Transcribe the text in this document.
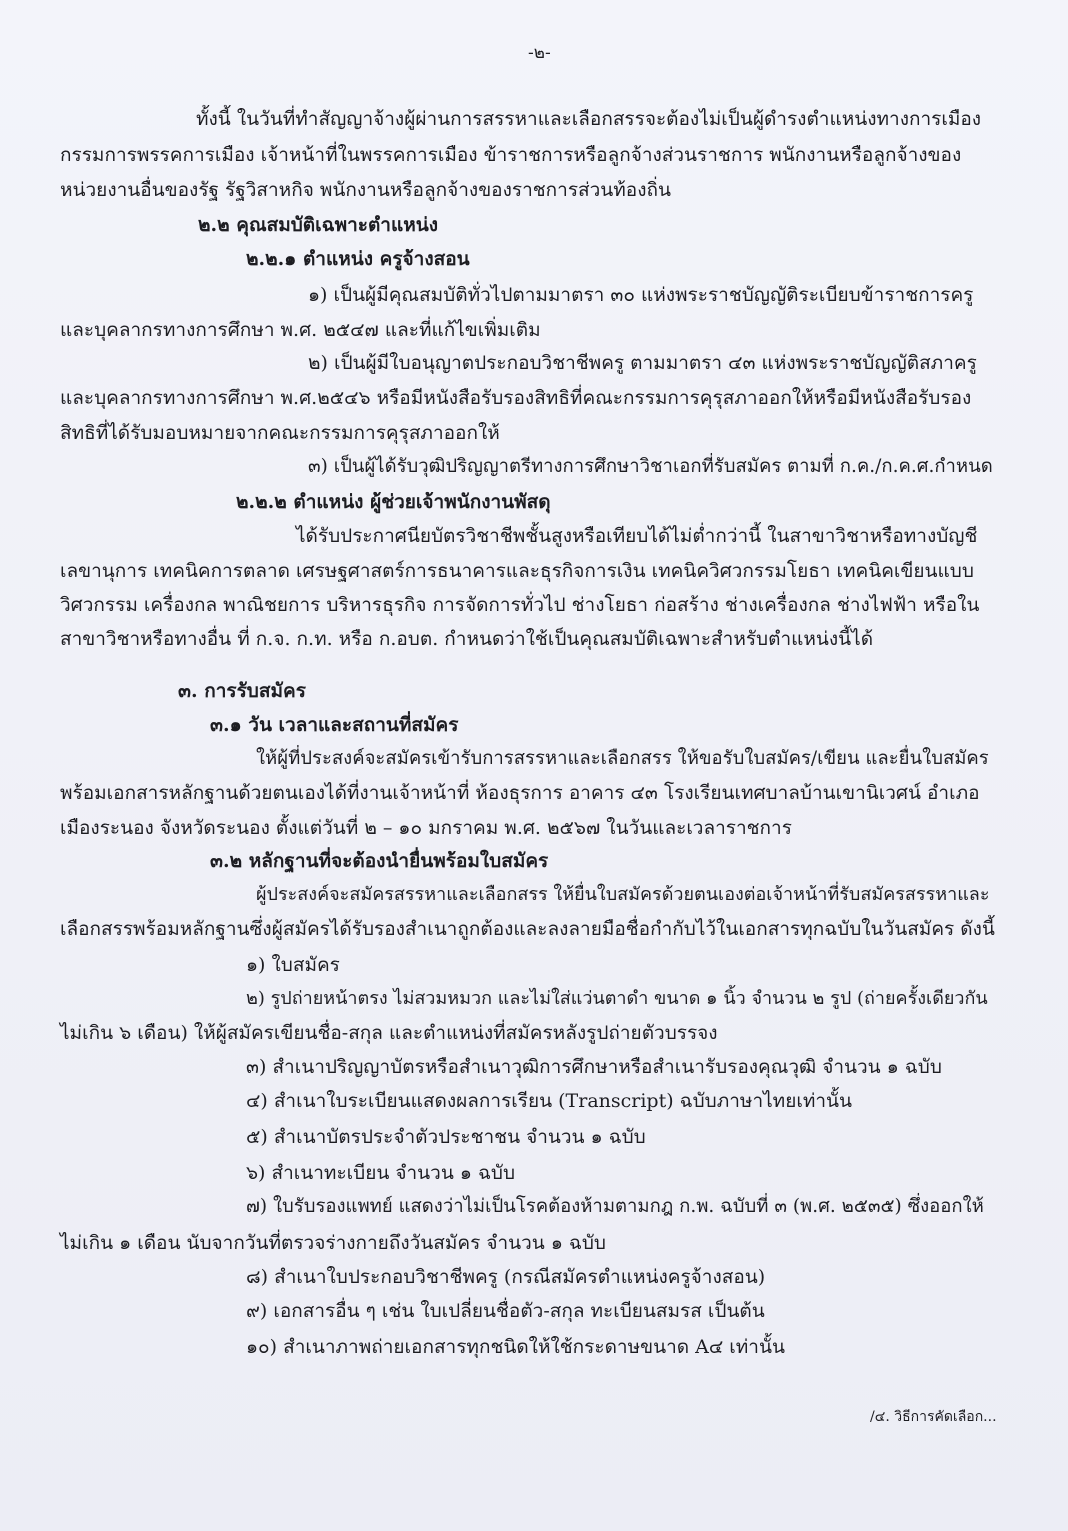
-๒-
ทั้งนี้ ในวันที่ทำสัญญาจ้างผู้ผ่านการสรรหาและเลือกสรรจะต้องไม่เป็นผู้ดำรงตำแหน่งทางการเมือง
กรรมการพรรคการเมือง เจ้าหน้าที่ในพรรคการเมือง ข้าราชการหรือลูกจ้างส่วนราชการ พนักงานหรือลูกจ้างของ
หน่วยงานอื่นของรัฐ รัฐวิสาหกิจ พนักงานหรือลูกจ้างของราชการส่วนท้องถิ่น
๒.๒ คุณสมบัติเฉพาะตำแหน่ง
๒.๒.๑ ตำแหน่ง ครูจ้างสอน
๑) เป็นผู้มีคุณสมบัติทั่วไปตามมาตรา ๓๐ แห่งพระราชบัญญัติระเบียบข้าราชการครู
และบุคลากรทางการศึกษา พ.ศ. ๒๕๔๗ และที่แก้ไขเพิ่มเติม
๒) เป็นผู้มีใบอนุญาตประกอบวิชาชีพครู ตามมาตรา ๔๓ แห่งพระราชบัญญัติสภาครู
และบุคลากรทางการศึกษา พ.ศ.๒๕๔๖ หรือมีหนังสือรับรองสิทธิที่คณะกรรมการคุรุสภาออกให้หรือมีหนังสือรับรอง
สิทธิที่ได้รับมอบหมายจากคณะกรรมการคุรุสภาออกให้
๓) เป็นผู้ได้รับวุฒิปริญญาตรีทางการศึกษาวิชาเอกที่รับสมัคร ตามที่ ก.ค./ก.ค.ศ.กำหนด
๒.๒.๒ ตำแหน่ง ผู้ช่วยเจ้าพนักงานพัสดุ
ได้รับประกาศนียบัตรวิชาชีพชั้นสูงหรือเทียบได้ไม่ต่ำกว่านี้ ในสาขาวิชาหรือทางบัญชี
เลขานุการ เทคนิคการตลาด เศรษฐศาสตร์การธนาคารและธุรกิจการเงิน เทคนิควิศวกรรมโยธา เทคนิคเขียนแบบ
วิศวกรรม เครื่องกล พาณิชยการ บริหารธุรกิจ การจัดการทั่วไป ช่างโยธา ก่อสร้าง ช่างเครื่องกล ช่างไฟฟ้า หรือใน
สาขาวิชาหรือทางอื่น ที่ ก.จ. ก.ท. หรือ ก.อบต. กำหนดว่าใช้เป็นคุณสมบัติเฉพาะสำหรับตำแหน่งนี้ได้
๓. การรับสมัคร
๓.๑ วัน เวลาและสถานที่สมัคร
ให้ผู้ที่ประสงค์จะสมัครเข้ารับการสรรหาและเลือกสรร ให้ขอรับใบสมัคร/เขียน และยื่นใบสมัคร
พร้อมเอกสารหลักฐานด้วยตนเองได้ที่งานเจ้าหน้าที่ ห้องธุรการ อาคาร ๔๓ โรงเรียนเทศบาลบ้านเขานิเวศน์ อำเภอ
เมืองระนอง จังหวัดระนอง ตั้งแต่วันที่ ๒ – ๑๐ มกราคม พ.ศ. ๒๕๖๗ ในวันและเวลาราชการ
๓.๒ หลักฐานที่จะต้องนำยื่นพร้อมใบสมัคร
ผู้ประสงค์จะสมัครสรรหาและเลือกสรร ให้ยื่นใบสมัครด้วยตนเองต่อเจ้าหน้าที่รับสมัครสรรหาและ
เลือกสรรพร้อมหลักฐานซึ่งผู้สมัครได้รับรองสำเนาถูกต้องและลงลายมือชื่อกำกับไว้ในเอกสารทุกฉบับในวันสมัคร ดังนี้
๑) ใบสมัคร
๒) รูปถ่ายหน้าตรง ไม่สวมหมวก และไม่ใส่แว่นตาดำ ขนาด ๑ นิ้ว จำนวน ๒ รูป (ถ่ายครั้งเดียวกัน
ไม่เกิน ๖ เดือน) ให้ผู้สมัครเขียนชื่อ-สกุล และตำแหน่งที่สมัครหลังรูปถ่ายตัวบรรจง
๓) สำเนาปริญญาบัตรหรือสำเนาวุฒิการศึกษาหรือสำเนารับรองคุณวุฒิ จำนวน ๑ ฉบับ
๔) สำเนาใบระเบียนแสดงผลการเรียน (Transcript) ฉบับภาษาไทยเท่านั้น
๕) สำเนาบัตรประจำตัวประชาชน จำนวน ๑ ฉบับ
๖) สำเนาทะเบียน จำนวน ๑ ฉบับ
๗) ใบรับรองแพทย์ แสดงว่าไม่เป็นโรคต้องห้ามตามกฎ ก.พ. ฉบับที่ ๓ (พ.ศ. ๒๕๓๕) ซึ่งออกให้
ไม่เกิน ๑ เดือน นับจากวันที่ตรวจร่างกายถึงวันสมัคร จำนวน ๑ ฉบับ
๘) สำเนาใบประกอบวิชาชีพครู (กรณีสมัครตำแหน่งครูจ้างสอน)
๙) เอกสารอื่น ๆ เช่น ใบเปลี่ยนชื่อตัว-สกุล ทะเบียนสมรส เป็นต้น
๑๐) สำเนาภาพถ่ายเอกสารทุกชนิดให้ใช้กระดาษขนาด A๔ เท่านั้น
/๔. วิธีการคัดเลือก...
